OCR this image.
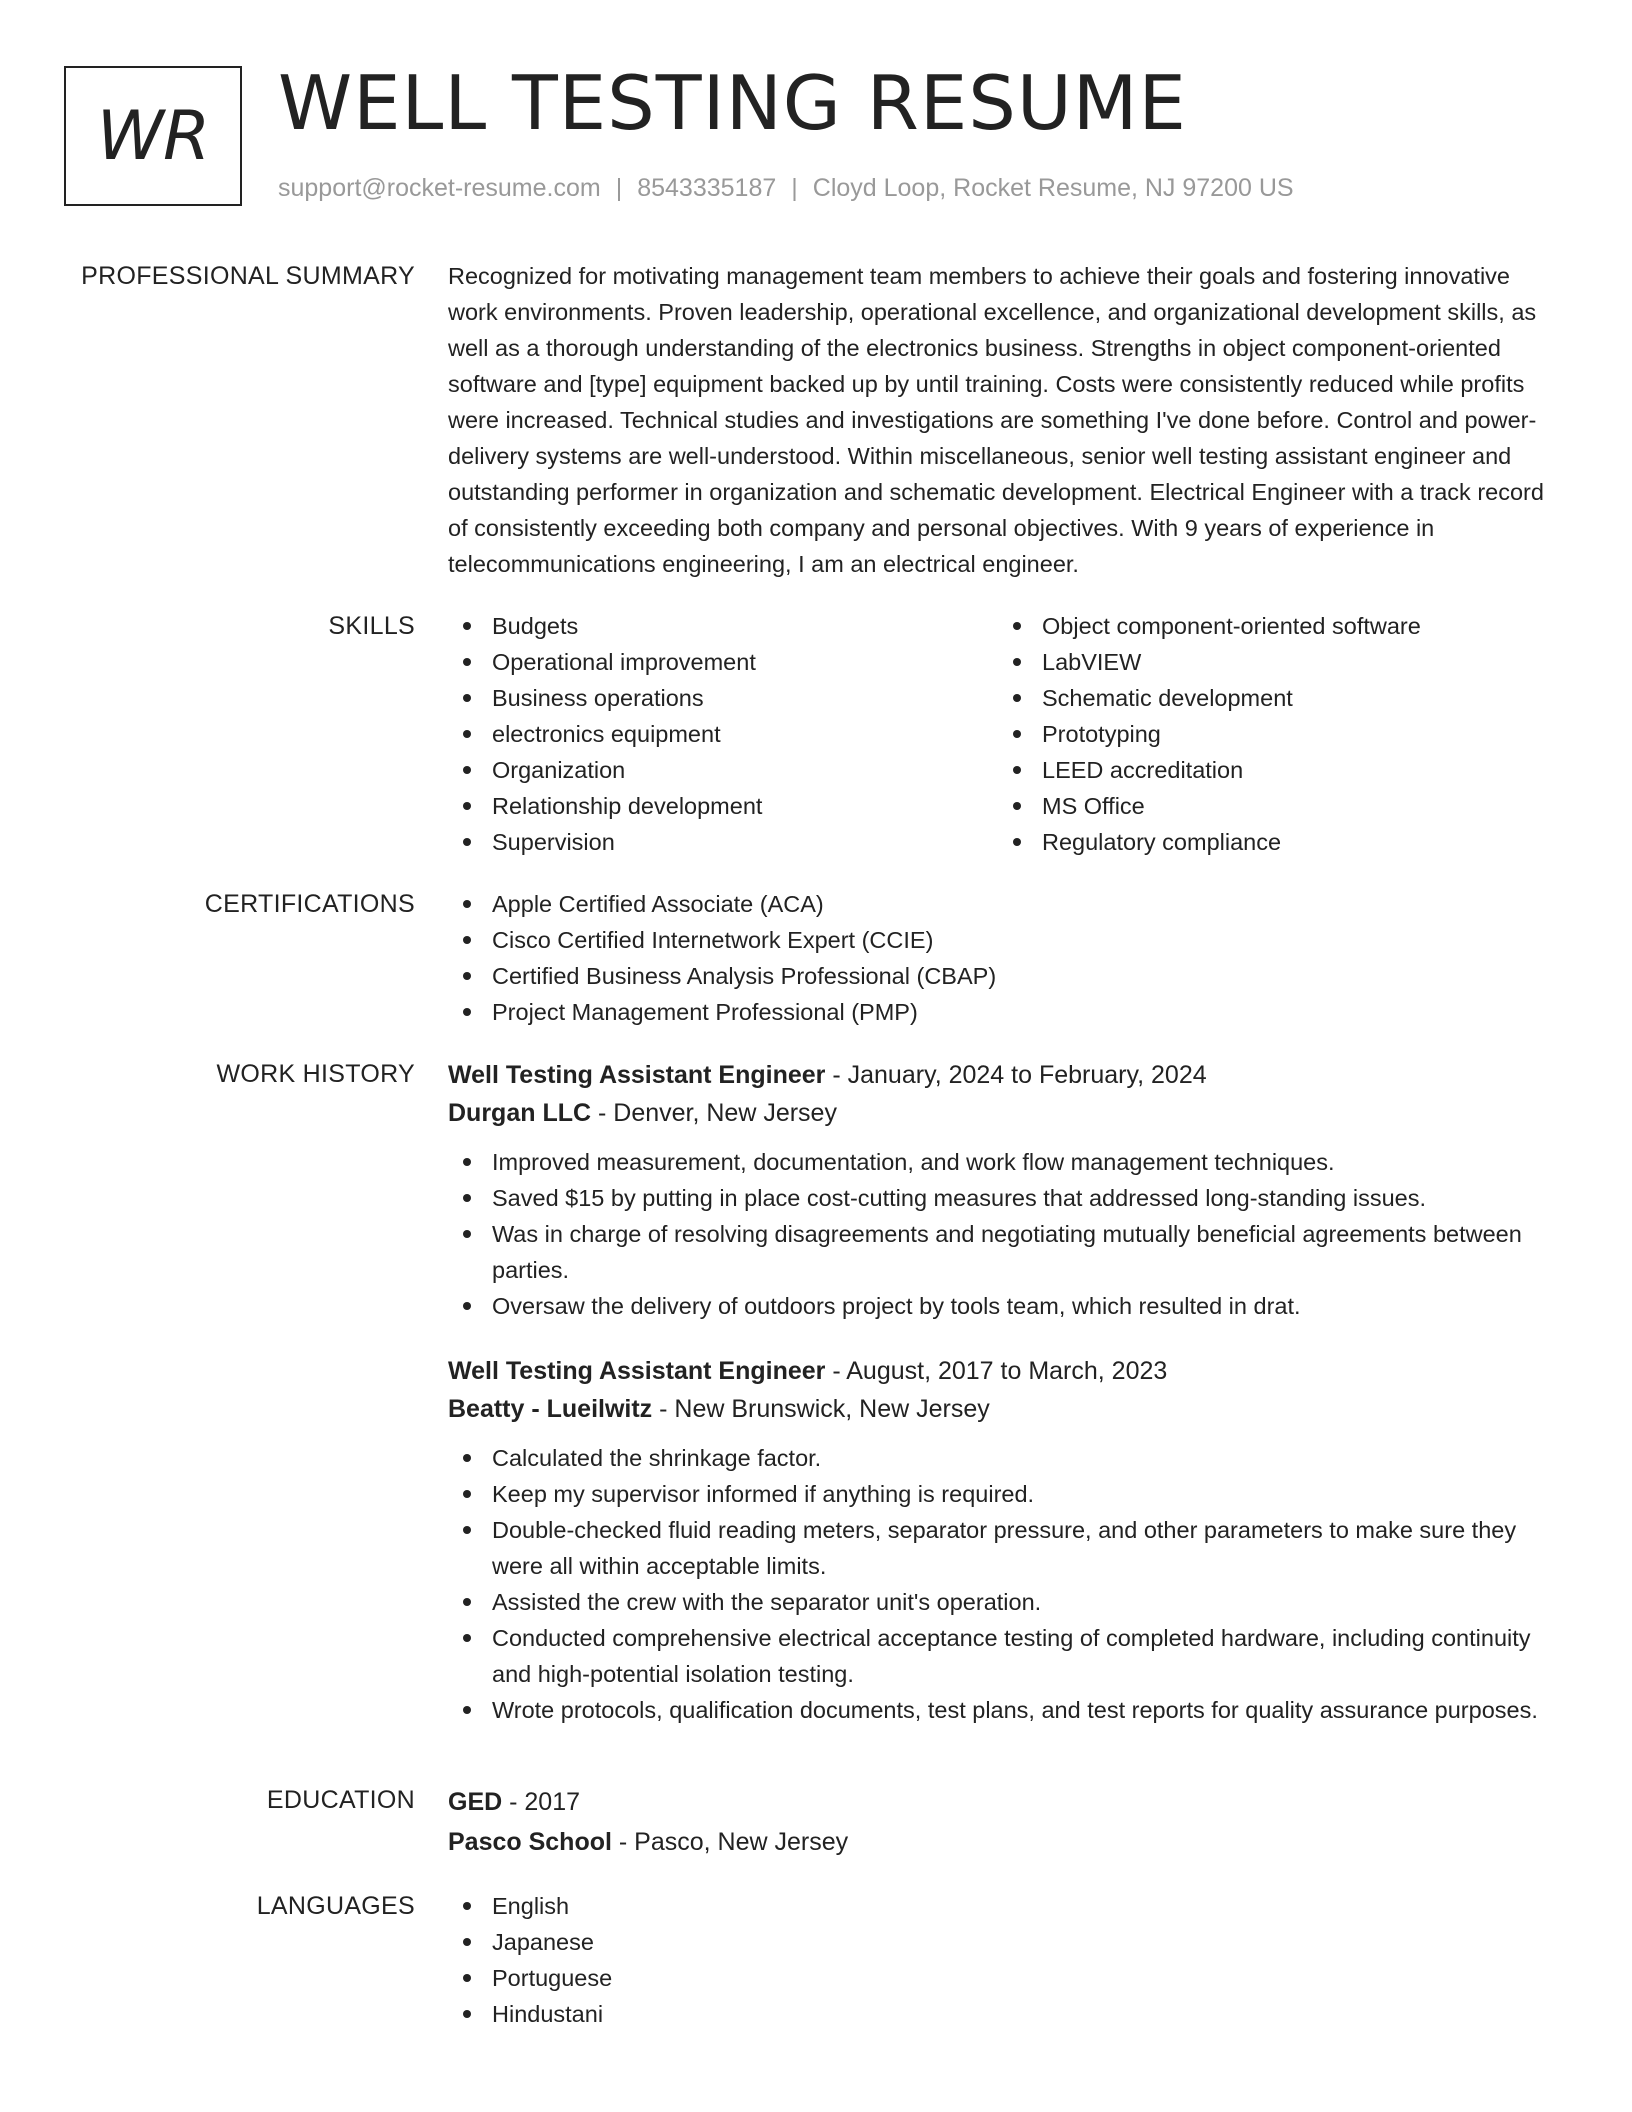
WR WELL TESTING RESUME
support@rocket-resume.com | 8543335187 | Cloyd Loop, Rocket Resume, NJ 97200 US
PROFESSIONAL SUMMARY Recognized for motivating management team members to achieve their goals and fostering innovative work environments. Proven leadership, operational excellence, and organizational development skills, as well as a thorough understanding of the electronics business. Strengths in object component-oriented software and [type] equipment backed up by until training. Costs were consistently reduced while profits were increased. Technical studies and investigations are something I've done before. Control and power-delivery systems are well-understood. Within miscellaneous, senior well testing assistant engineer and outstanding performer in organization and schematic development. Electrical Engineer with a track record of consistently exceeding both company and personal objectives. With 9 years of experience in telecommunications engineering, I am an electrical engineer.

SKILLS	Budgets
Operational improvement
Business operations
electronics equipment
Organization
Relationship development
Supervision
Object component-oriented software
LabVIEW
Schematic development
Prototyping
LEED accreditation
MS Office
Regulatory compliance
CERTIFICATIONS	Apple Certified Associate (ACA)
Cisco Certified Internetwork Expert (CCIE)
Certified Business Analysis Professional (CBAP)
Project Management Professional (PMP)
WORK HISTORY Well Testing Assistant Engineer - January, 2024 to February, 2024
Durgan LLC - Denver, New Jersey
Improved measurement, documentation, and work flow management techniques.
Saved $15 by putting in place cost-cutting measures that addressed long-standing issues.
Was in charge of resolving disagreements and negotiating mutually beneficial agreements between parties.
Oversaw the delivery of outdoors project by tools team, which resulted in drat.
Well Testing Assistant Engineer - August, 2017 to March, 2023
Beatty - Lueilwitz - New Brunswick, New Jersey
Calculated the shrinkage factor.
Keep my supervisor informed if anything is required.
Double-checked fluid reading meters, separator pressure, and other parameters to make sure they were all within acceptable limits.
Assisted the crew with the separator unit's operation.
Conducted comprehensive electrical acceptance testing of completed hardware, including continuity and high-potential isolation testing.
Wrote protocols, qualification documents, test plans, and test reports for quality assurance purposes.
EDUCATION GED - 2017
Pasco School - Pasco, New Jersey
LANGUAGES	English
Japanese
Portuguese
Hindustani
